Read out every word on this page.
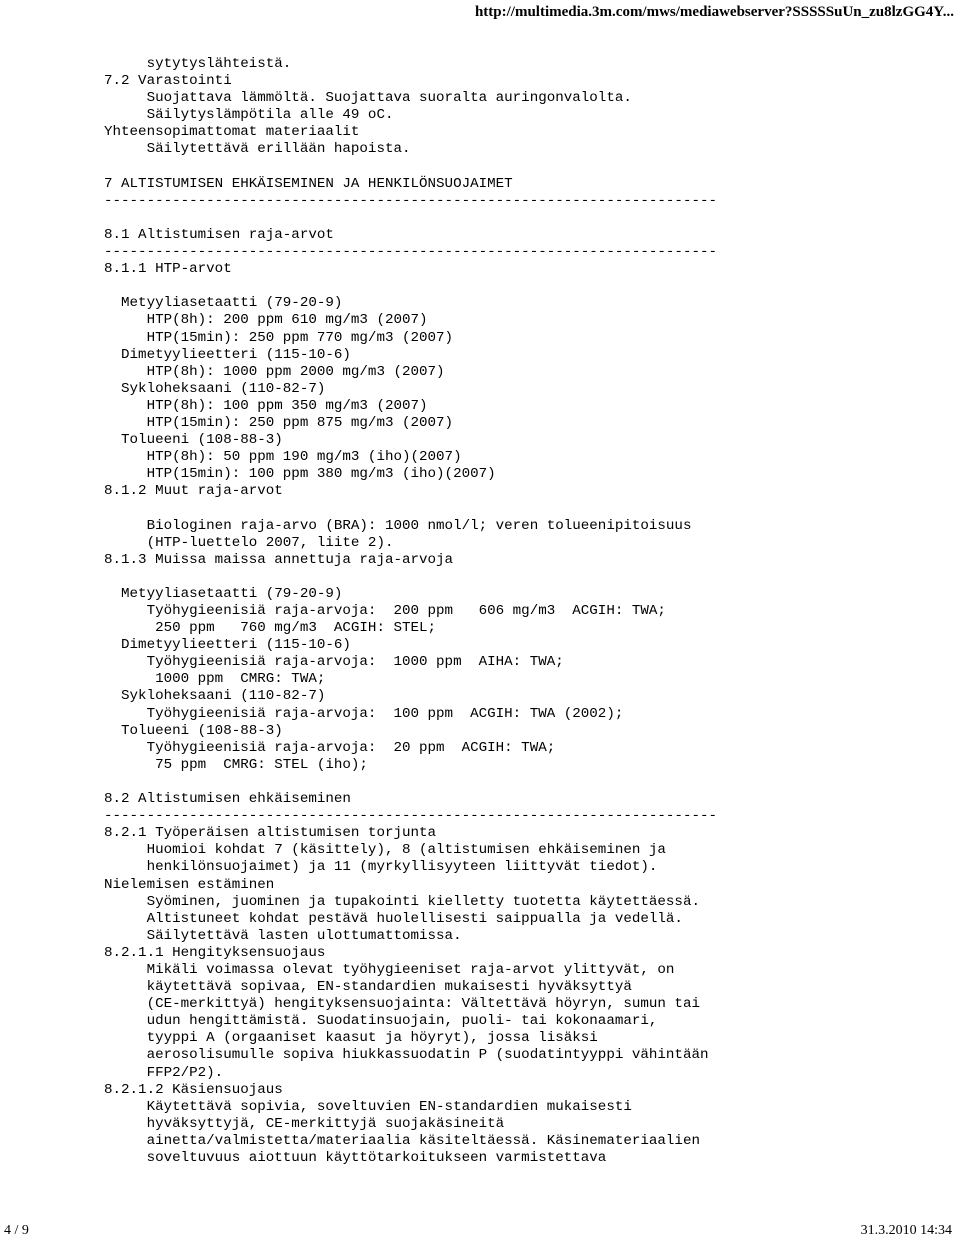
http://multimedia.3m.com/mws/mediawebserver?SSSSSuUn_zu8lzGG4Y...
sytytyslähteistä.
7.2 Varastointi
Suojattava lämmöltä. Suojattava suoralta auringonvalolta.
Säilytyslämpötila alle 49 oC.
Yhteensopimattomat materiaalit
Säilytettävä erillään hapoista.
7 ALTISTUMISEN EHKÄISEMINEN JA HENKILÖNSUOJAIMET
------------------------------------------------------------------------
8.1 Altistumisen raja-arvot
------------------------------------------------------------------------
8.1.1 HTP-arvot
Metyyliasetaatti (79-20-9)
HTP(8h): 200 ppm 610 mg/m3 (2007)
HTP(15min): 250 ppm 770 mg/m3 (2007)
Dimetyylieetteri (115-10-6)
HTP(8h): 1000 ppm 2000 mg/m3 (2007)
Sykloheksaani (110-82-7)
HTP(8h): 100 ppm 350 mg/m3 (2007)
HTP(15min): 250 ppm 875 mg/m3 (2007)
Tolueeni (108-88-3)
HTP(8h): 50 ppm 190 mg/m3 (iho)(2007)
HTP(15min): 100 ppm 380 mg/m3 (iho)(2007)
8.1.2 Muut raja-arvot
Biologinen raja-arvo (BRA): 1000 nmol/l; veren tolueenipitoisuus
(HTP-luettelo 2007, liite 2).
8.1.3 Muissa maissa annettuja raja-arvoja
Metyyliasetaatti (79-20-9)
Työhygieenisiä raja-arvoja:  200 ppm   606 mg/m3  ACGIH: TWA;
250 ppm   760 mg/m3  ACGIH: STEL;
Dimetyylieetteri (115-10-6)
Työhygieenisiä raja-arvoja:  1000 ppm  AIHA: TWA;
1000 ppm  CMRG: TWA;
Sykloheksaani (110-82-7)
Työhygieenisiä raja-arvoja:  100 ppm  ACGIH: TWA (2002);
Tolueeni (108-88-3)
Työhygieenisiä raja-arvoja:  20 ppm  ACGIH: TWA;
75 ppm  CMRG: STEL (iho);
8.2 Altistumisen ehkäiseminen
------------------------------------------------------------------------
8.2.1 Työperäisen altistumisen torjunta
Huomioi kohdat 7 (käsittely), 8 (altistumisen ehkäiseminen ja
henkilönsuojaimet) ja 11 (myrkyllisyyteen liittyvät tiedot).
Nielemisen estäminen
Syöminen, juominen ja tupakointi kielletty tuotetta käytettäessä.
Altistuneet kohdat pestävä huolellisesti saippualla ja vedellä.
Säilytettävä lasten ulottumattomissa.
8.2.1.1 Hengityksensuojaus
Mikäli voimassa olevat työhygieeniset raja-arvot ylittyvät, on
käytettävä sopivaa, EN-standardien mukaisesti hyväksyttyä
(CE-merkittyä) hengityksensuojainta: Vältettävä höyryn, sumun tai
udun hengittämistä. Suodatinsuojain, puoli- tai kokonaamari,
tyyppi A (orgaaniset kaasut ja höyryt), jossa lisäksi
aerosolisumulle sopiva hiukkassuodatin P (suodatintyyppi vähintään
FFP2/P2).
8.2.1.2 Käsiensuojaus
Käytettävä sopivia, soveltuvien EN-standardien mukaisesti
hyväksyttyjä, CE-merkittyjä suojakäsineitä
ainetta/valmistetta/materiaalia käsiteltäessä. Käsinemateriaalien
soveltuvuus aiottuun käyttötarkoitukseen varmistettava
4 / 9	31.3.2010 14:34
